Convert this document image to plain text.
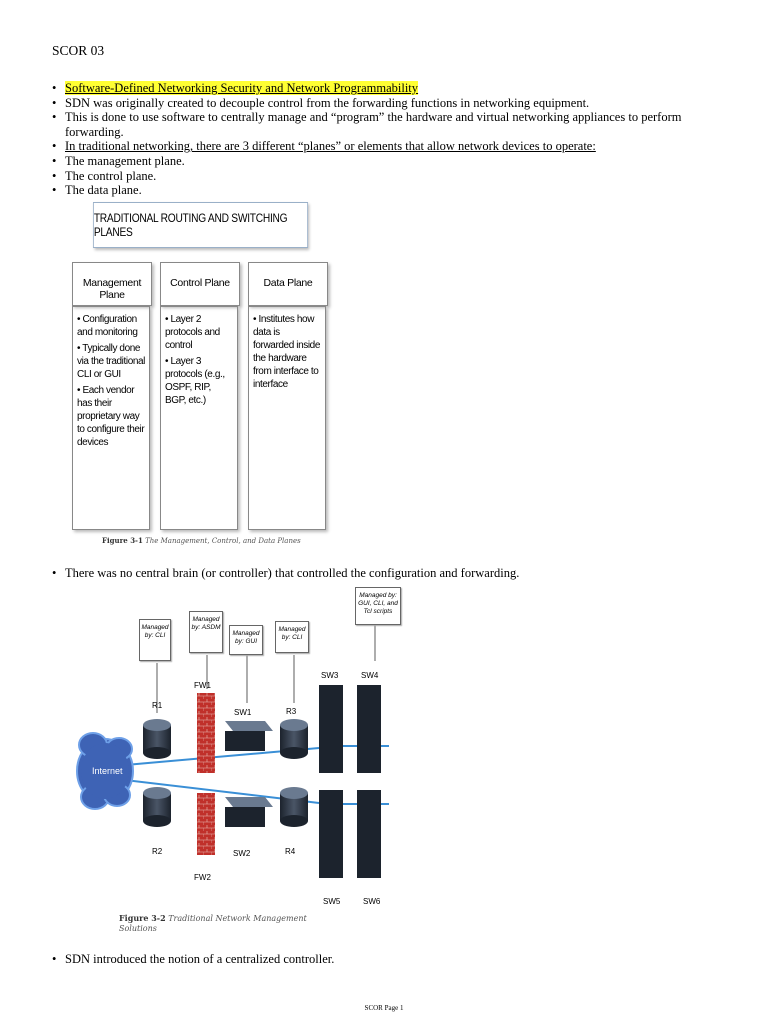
SCOR 03
• Software-Defined Networking Security and Network Programmability
• SDN was originally created to decouple control from the forwarding functions in networking equipment.
• This is done to use software to centrally manage and “program” the hardware and virtual networking appliances to perform forwarding.
• In traditional networking, there are 3 different “planes” or elements that allow network devices to operate:
• The management plane.
• The control plane.
• The data plane.
TRADITIONAL ROUTING AND SWITCHING PLANES
Management Plane

• Configuration and monitoring

• Typically done via the traditional CLI or GUI

• Each vendor has their proprietary way to configure their devices

Control Plane

• Layer 2 protocols and control

• Layer 3 protocols (e.g., OSPF, RIP, BGP, etc.)

Data Plane

• Institutes how data is forwarded inside the hardware from interface to interface

Figure 3-1 The Management, Control, and Data Planes
• There was no central brain (or controller) that controlled the configuration and forwarding.
Managed by: CLI
Managed by: ASDM
Managed by: GUI
Managed by: CLI
Managed by: GUI, CLI, and Tcl scripts
R1
FW1
SW1	R3
SW3	SW4
R2
FW2
SW2	R4
SW5	SW6
Internet
Figure 3-2 Traditional Network Management Solutions
• SDN introduced the notion of a centralized controller.
SCOR Page 1
